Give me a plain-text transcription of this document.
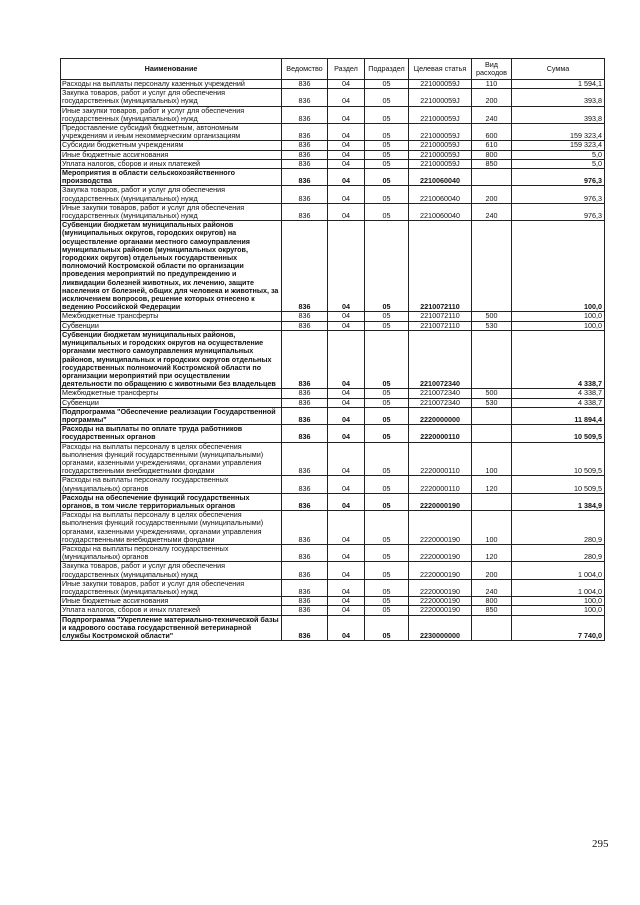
Наименование	Ведомство	Раздел	Подраздел	Целевая статья	Вид расходов	Сумма
Расходы на выплаты персоналу казенных учреждений	836	04	05	221000059J	110	1 594,1
Закупка товаров, работ и услуг для обеспечения государственных (муниципальных) нужд	836	04	05	221000059J	200	393,8
Иные закупки товаров, работ и услуг для обеспечения государственных (муниципальных) нужд	836	04	05	221000059J	240	393,8
Предоставление субсидий бюджетным, автономным учреждениям и иным некоммерческим организациям	836	04	05	221000059J	600	159 323,4
Субсидии бюджетным учреждениям	836	04	05	221000059J	610	159 323,4
Иные бюджетные ассигнования	836	04	05	221000059J	800	5,0
Уплата налогов, сборов и иных платежей	836	04	05	221000059J	850	5,0
Мероприятия в области сельскохозяйственного производства	836	04	05	2210060040		976,3
Закупка товаров, работ и услуг для обеспечения государственных (муниципальных) нужд	836	04	05	2210060040	200	976,3
Иные закупки товаров, работ и услуг для обеспечения государственных (муниципальных) нужд	836	04	05	2210060040	240	976,3
Субвенции бюджетам муниципальных районов (муниципальных округов, городских округов) на осуществление органами местного самоуправления муниципальных районов (муниципальных округов, городских округов) отдельных государственных полномочий Костромской области по организации проведения мероприятий по предупреждению и ликвидации болезней животных, их лечению, защите населения от болезней, общих для человека и животных, за исключением вопросов, решение которых отнесено к ведению Российской Федерации	836	04	05	2210072110		100,0
Межбюджетные трансферты	836	04	05	2210072110	500	100,0
Субвенции	836	04	05	2210072110	530	100,0
Субвенции бюджетам муниципальных районов, муниципальных и городских округов на осуществление органами местного самоуправления муниципальных районов, муниципальных и городских округов отдельных государственных полномочий Костромской области по организации мероприятий при осуществлении деятельности по обращению с животными без владельцев	836	04	05	2210072340		4 338,7
Межбюджетные трансферты	836	04	05	2210072340	500	4 338,7
Субвенции	836	04	05	2210072340	530	4 338,7
Подпрограмма "Обеспечение реализации Государственной программы"	836	04	05	2220000000		11 894,4
Расходы на выплаты по оплате труда работников государственных органов	836	04	05	2220000110		10 509,5
Расходы на выплаты персоналу в целях обеспечения выполнения функций государственными (муниципальными) органами, казенными учреждениями, органами управления государственными внебюджетными фондами	836	04	05	2220000110	100	10 509,5
Расходы на выплаты персоналу государственных (муниципальных) органов	836	04	05	2220000110	120	10 509,5
Расходы на обеспечение функций государственных органов, в том числе территориальных органов	836	04	05	2220000190		1 384,9
Расходы на выплаты персоналу в целях обеспечения выполнения функций государственными (муниципальными) органами, казенными учреждениями, органами управления государственными внебюджетными фондами	836	04	05	2220000190	100	280,9
Расходы на выплаты персоналу государственных (муниципальных) органов	836	04	05	2220000190	120	280,9
Закупка товаров, работ и услуг для обеспечения государственных (муниципальных) нужд	836	04	05	2220000190	200	1 004,0
Иные закупки товаров, работ и услуг для обеспечения государственных (муниципальных) нужд	836	04	05	2220000190	240	1 004,0
Иные бюджетные ассигнования	836	04	05	2220000190	800	100,0
Уплата налогов, сборов и иных платежей	836	04	05	2220000190	850	100,0
Подпрограмма "Укрепление материально-технической базы и кадрового состава государственной ветеринарной службы Костромской области"	836	04	05	2230000000		7 740,0
295
